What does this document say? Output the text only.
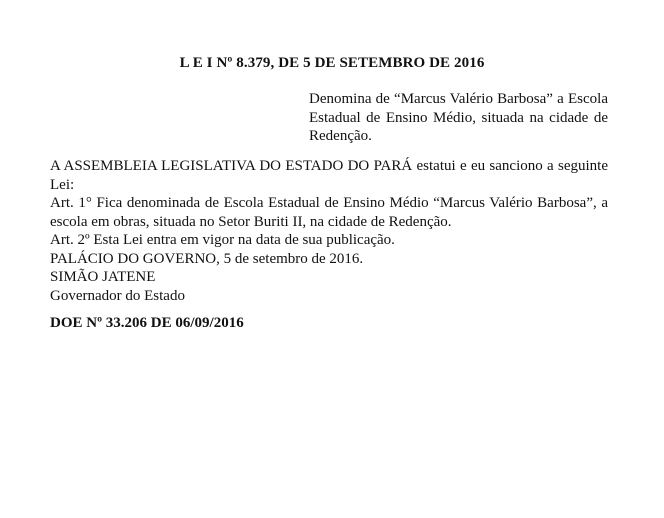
L E I Nº 8.379, DE 5 DE SETEMBRO DE 2016
Denomina de “Marcus Valério Barbosa” a Escola Estadual de Ensino Médio, situada na cidade de Redenção.

A ASSEMBLEIA LEGISLATIVA DO ESTADO DO PARÁ estatui e eu sanciono a seguinte Lei:

Art. 1° Fica denominada de Escola Estadual de Ensino Médio “Marcus Valério Barbosa”, a escola em obras, situada no Setor Buriti II, na cidade de Redenção.

Art. 2º Esta Lei entra em vigor na data de sua publicação.

PALÁCIO DO GOVERNO, 5 de setembro de 2016.

SIMÃO JATENE

Governador do Estado

DOE Nº 33.206 DE 06/09/2016
